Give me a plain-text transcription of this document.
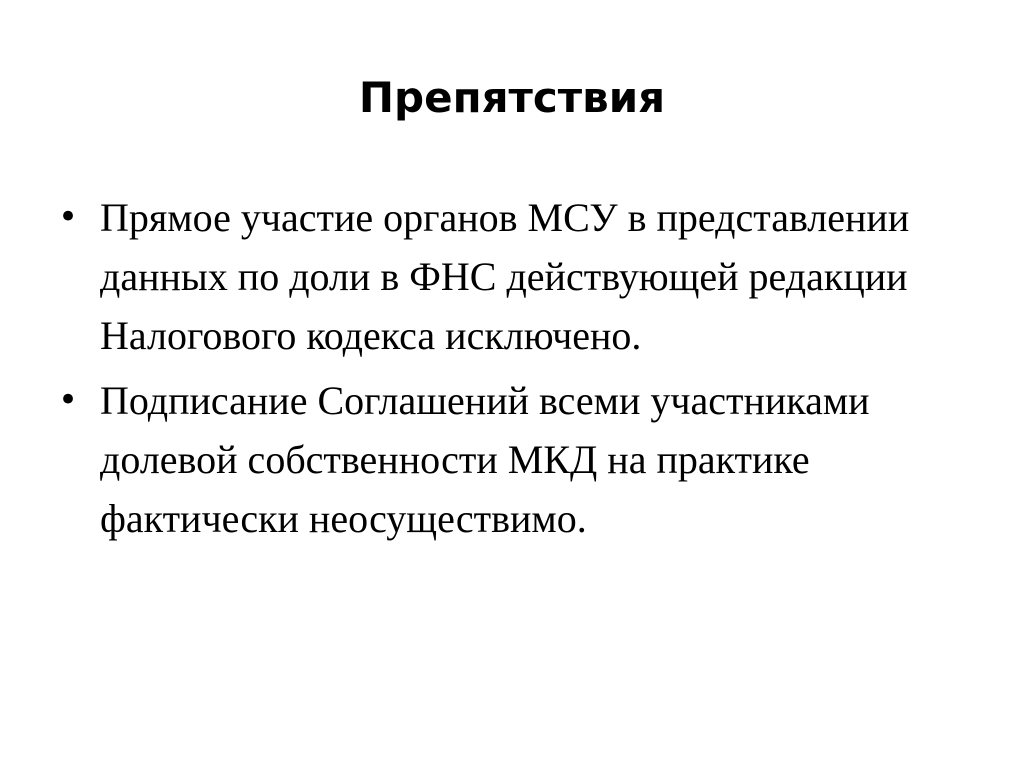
Препятствия
• Прямое участие органов МСУ в представлении данных по доли в ФНС действующей редакции Налогового кодекса исключено.
• Подписание Соглашений всеми участниками долевой собственности МКД на практике фактически неосуществимо.
